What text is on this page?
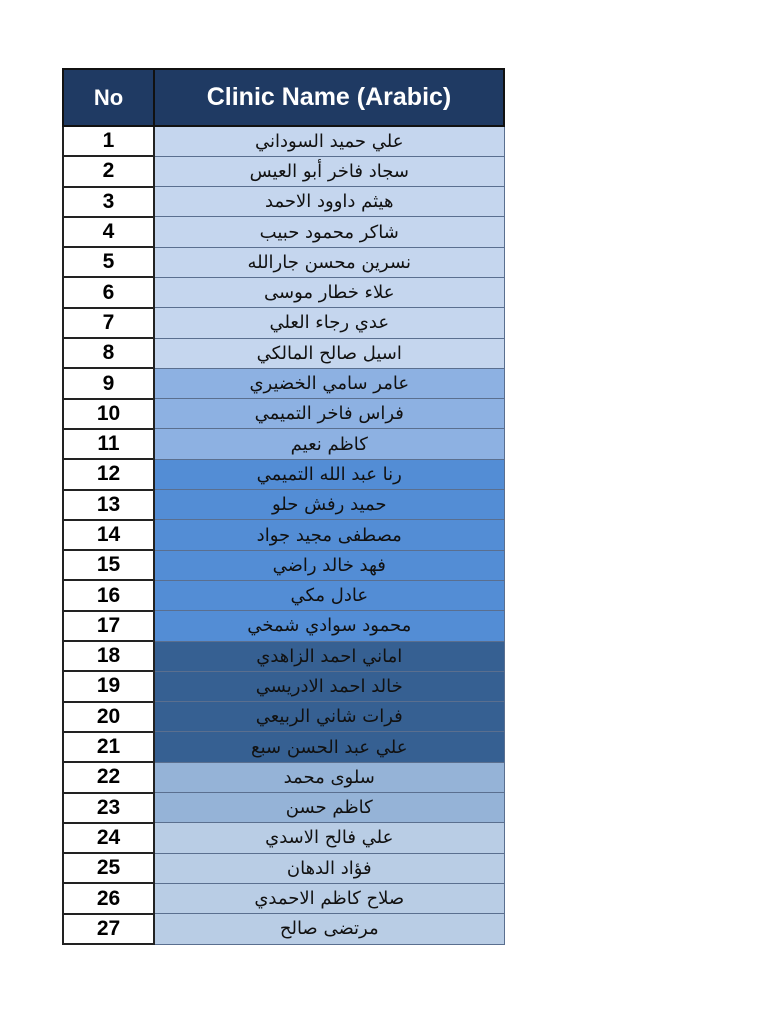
No	Clinic Name (Arabic)
1	علي حميد السوداني
2	سجاد فاخر أبو العيس
3	هيثم داوود الاحمد
4	شاكر محمود حبيب
5	نسرين محسن جارالله
6	علاء خطار موسى
7	عدي رجاء العلي
8	اسيل صالح المالكي
9	عامر سامي الخضيري
10	فراس فاخر التميمي
11	كاظم نعيم
12	رنا عبد الله التميمي
13	حميد رفش حلو
14	مصطفى مجيد جواد
15	فهد خالد راضي
16	عادل مكي
17	محمود سوادي شمخي
18	اماني احمد الزاهدي
19	خالد احمد الادريسي
20	فرات شاني الربيعي
21	علي عبد الحسن سبع
22	سلوى محمد
23	كاظم حسن
24	علي فالح الاسدي
25	فؤاد الدهان
26	صلاح كاظم الاحمدي
27	مرتضى صالح
